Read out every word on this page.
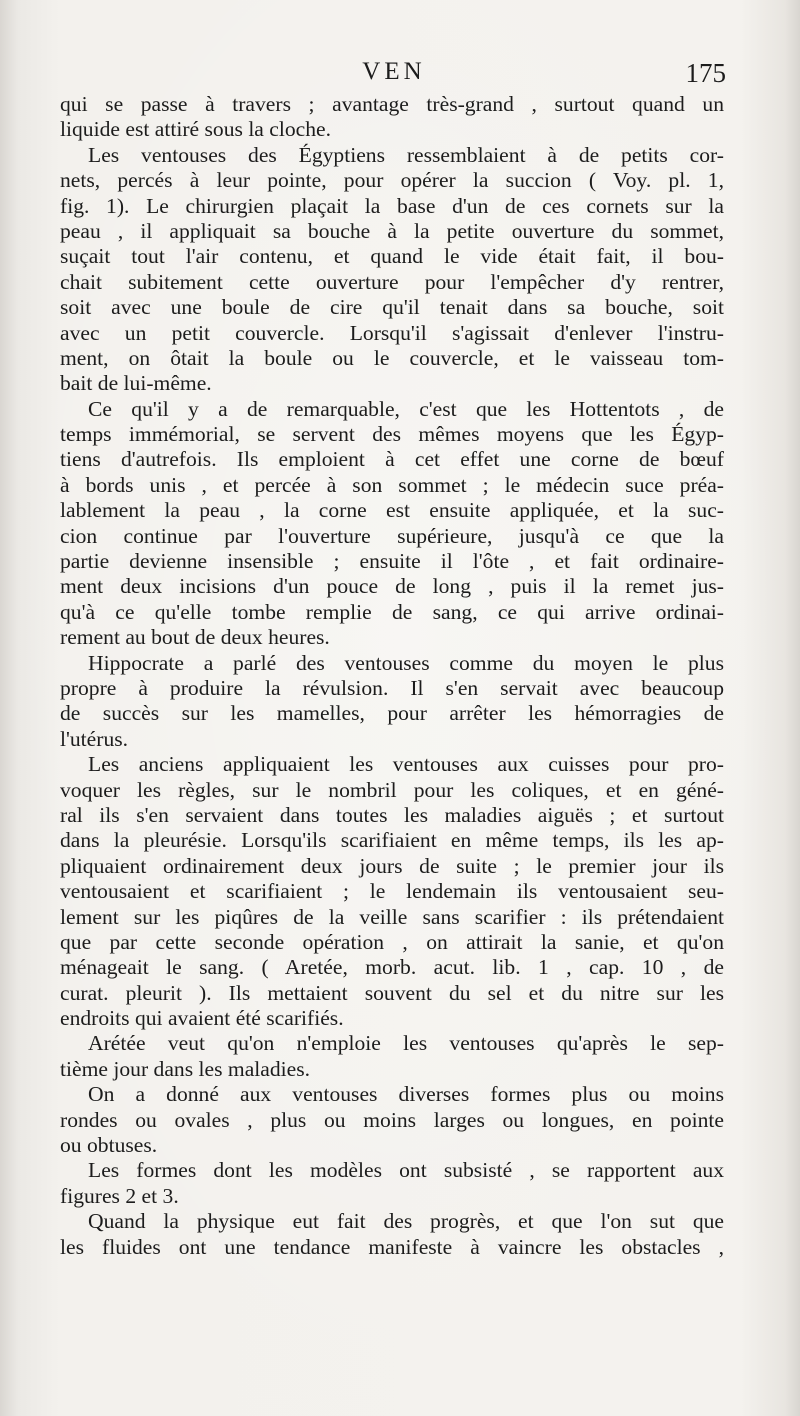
VEN	175
qui se passe à travers ; avantage très-grand , surtout quand un
liquide est attiré sous la cloche.
Les ventouses des Égyptiens ressemblaient à de petits cor-
nets, percés à leur pointe, pour opérer la succion ( Voy. pl. 1,
fig. 1). Le chirurgien plaçait la base d'un de ces cornets sur la
peau , il appliquait sa bouche à la petite ouverture du sommet,
suçait tout l'air contenu, et quand le vide était fait, il bou-
chait subitement cette ouverture pour l'empêcher d'y rentrer,
soit avec une boule de cire qu'il tenait dans sa bouche, soit
avec un petit couvercle. Lorsqu'il s'agissait d'enlever l'instru-
ment, on ôtait la boule ou le couvercle, et le vaisseau tom-
bait de lui-même.
Ce qu'il y a de remarquable, c'est que les Hottentots , de
temps immémorial, se servent des mêmes moyens que les Égyp-
tiens d'autrefois. Ils emploient à cet effet une corne de bœuf
à bords unis , et percée à son sommet ; le médecin suce préa-
lablement la peau , la corne est ensuite appliquée, et la suc-
cion continue par l'ouverture supérieure, jusqu'à ce que la
partie devienne insensible ; ensuite il l'ôte , et fait ordinaire-
ment deux incisions d'un pouce de long , puis il la remet jus-
qu'à ce qu'elle tombe remplie de sang, ce qui arrive ordinai-
rement au bout de deux heures.
Hippocrate a parlé des ventouses comme du moyen le plus
propre à produire la révulsion. Il s'en servait avec beaucoup
de succès sur les mamelles, pour arrêter les hémorragies de
l'utérus.
Les anciens appliquaient les ventouses aux cuisses pour pro-
voquer les règles, sur le nombril pour les coliques, et en géné-
ral ils s'en servaient dans toutes les maladies aiguës ; et surtout
dans la pleurésie. Lorsqu'ils scarifiaient en même temps, ils les ap-
pliquaient ordinairement deux jours de suite ; le premier jour ils
ventousaient et scarifiaient ; le lendemain ils ventousaient seu-
lement sur les piqûres de la veille sans scarifier : ils prétendaient
que par cette seconde opération , on attirait la sanie, et qu'on
ménageait le sang. ( Aretée, morb. acut. lib. 1 , cap. 10 , de
curat. pleurit ). Ils mettaient souvent du sel et du nitre sur les
endroits qui avaient été scarifiés.
Arétée veut qu'on n'emploie les ventouses qu'après le sep-
tième jour dans les maladies.
On a donné aux ventouses diverses formes plus ou moins
rondes ou ovales , plus ou moins larges ou longues, en pointe
ou obtuses.
Les formes dont les modèles ont subsisté , se rapportent aux
figures 2 et 3.
Quand la physique eut fait des progrès, et que l'on sut que
les fluides ont une tendance manifeste à vaincre les obstacles ,
